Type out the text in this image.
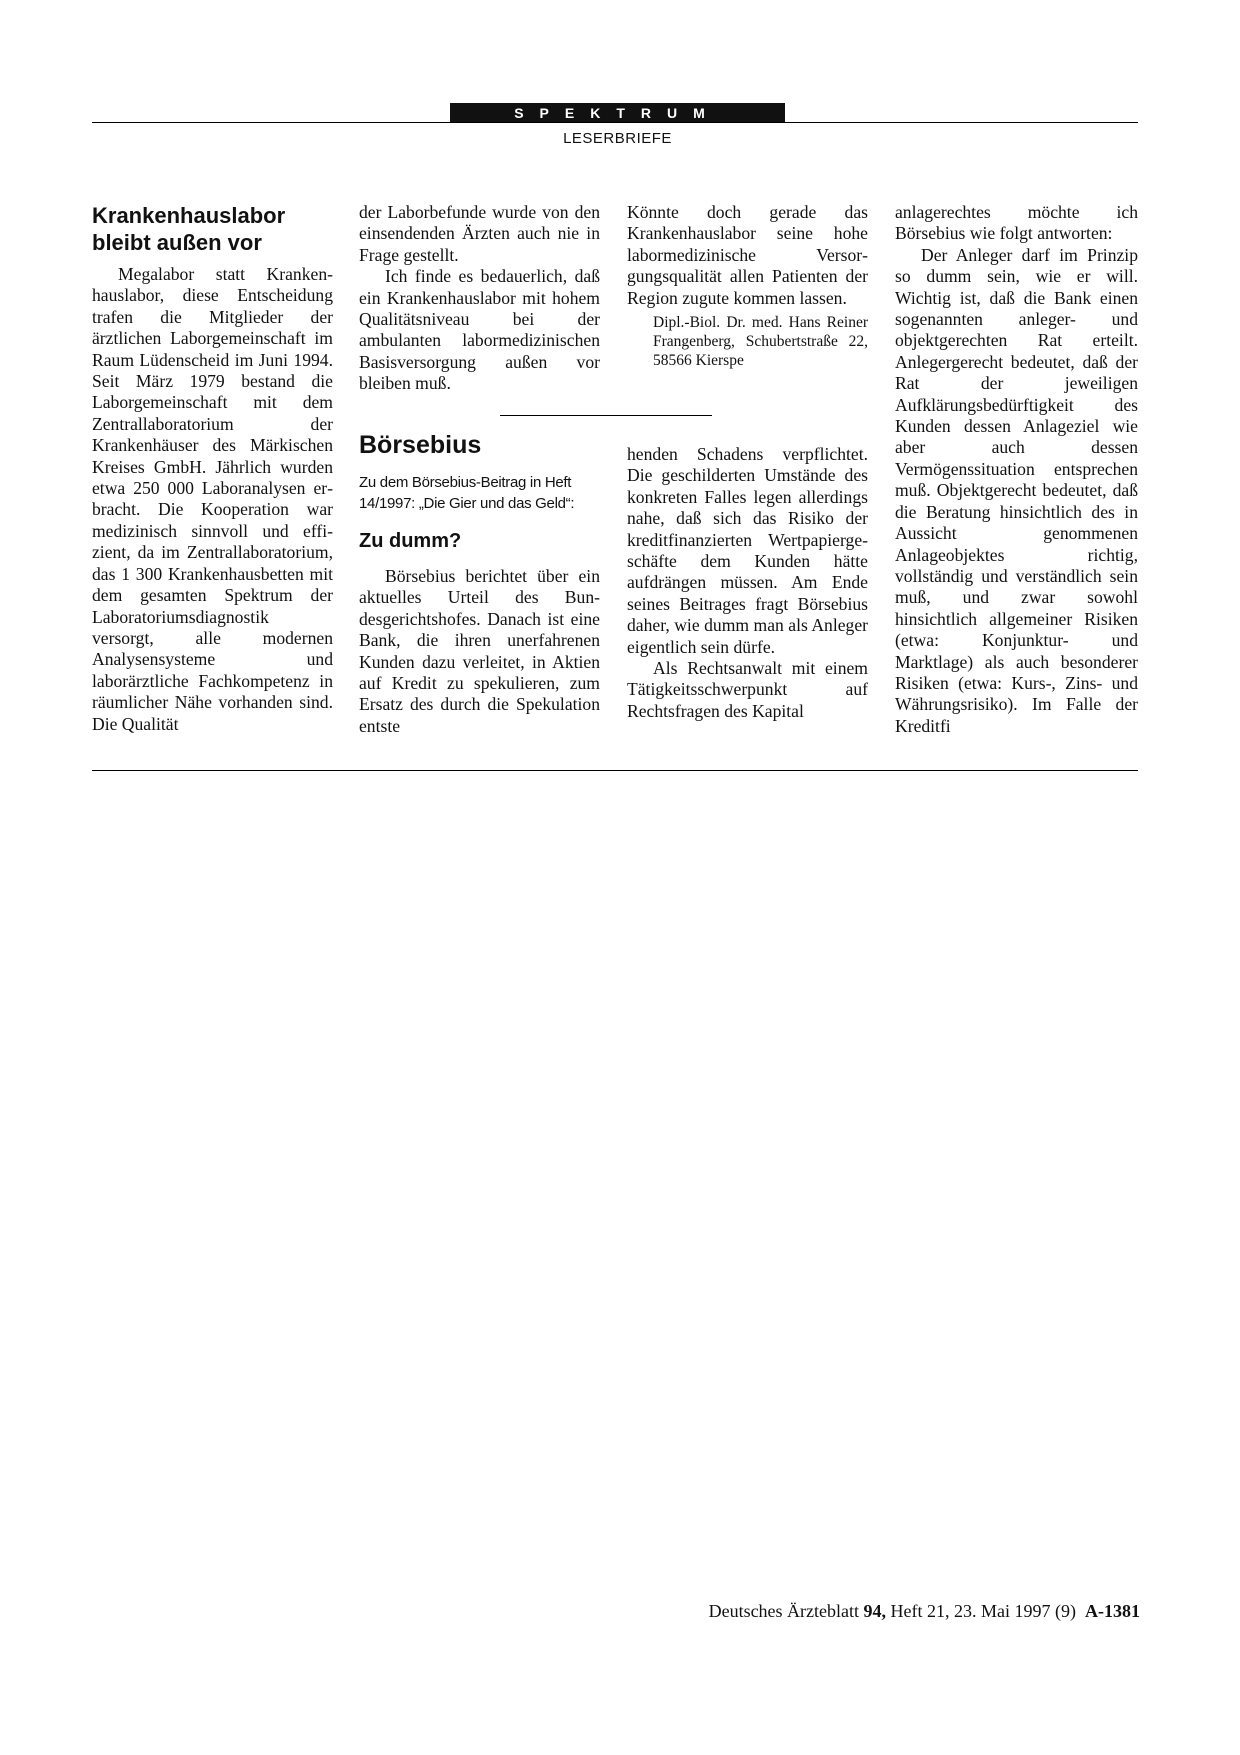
SPEKTRUM
LESERBRIEFE
Krankenhauslabor
bleibt außen vor

Megalabor statt Krankenhauslabor, diese Entscheidung trafen die Mitglieder der ärztlichen Laborgemeinschaft im Raum Lüdenscheid im Juni 1994. Seit März 1979 bestand die Laborgemeinschaft mit dem Zentrallaboratorium der Krankenhäuser des Märkischen Kreises GmbH. Jährlich wurden etwa 250 000 Laboranalysen erbracht. Die Kooperation war medizinisch sinnvoll und effizient, da im Zentrallaboratorium, das 1 300 Krankenhausbetten mit dem gesamten Spektrum der Laboratoriumsdiagnostik versorgt, alle modernen Analysensysteme und laborärztliche Fachkompetenz in räumlicher Nähe vorhanden sind. Die Qualität

der Laborbefunde wurde von den einsendenden Ärzten auch nie in Frage gestellt.

Ich finde es bedauerlich, daß ein Krankenhauslabor mit hohem Qualitätsniveau bei der ambulanten labormedizinischen Basisversorgung außen vor bleiben muß.

Könnte doch gerade das Krankenhauslabor seine hohe labormedizinische Versorgungsqualität allen Patienten der Region zugute kommen lassen.

Dipl.-Biol. Dr. med. Hans Reiner Frangenberg, Schubertstraße 22, 58566 Kierspe
Börsebius
Zu dem Börsebius-Beitrag in Heft 14/1997: „Die Gier und das Geld“:
Zu dumm?

Börsebius berichtet über ein aktuelles Urteil des Bundesgerichtshofes. Danach ist eine Bank, die ihren unerfahrenen Kunden dazu verleitet, in Aktien auf Kredit zu spekulieren, zum Ersatz des durch die Spekulation entste

henden Schadens verpflichtet. Die geschilderten Umstände des konkreten Falles legen allerdings nahe, daß sich das Risiko der kreditfinanzierten Wertpapiergeschäfte dem Kunden hätte aufdrängen müssen. Am Ende seines Beitrages fragt Börsebius daher, wie dumm man als Anleger eigentlich sein dürfe.

Als Rechtsanwalt mit einem Tätigkeitsschwerpunkt auf Rechtsfragen des Kapital

anlagerechtes möchte ich Börsebius wie folgt antworten:

Der Anleger darf im Prinzip so dumm sein, wie er will. Wichtig ist, daß die Bank einen sogenannten anleger- und objektgerechten Rat erteilt. Anlegergerecht bedeutet, daß der Rat der jeweiligen Aufklärungsbedürftigkeit des Kunden dessen Anlageziel wie aber auch dessen Vermögenssituation entsprechen muß. Objektgerecht bedeutet, daß die Beratung hinsichtlich des in Aussicht genommenen Anlageobjektes richtig, vollständig und verständlich sein muß, und zwar sowohl hinsichtlich allgemeiner Risiken (etwa: Konjunktur- und Marktlage) als auch besonderer Risiken (etwa: Kurs-, Zins- und Währungsrisiko). Im Falle der Kreditfi

Deutsches Ärzteblatt 94, Heft 21, 23. Mai 1997 (9) A-1381
